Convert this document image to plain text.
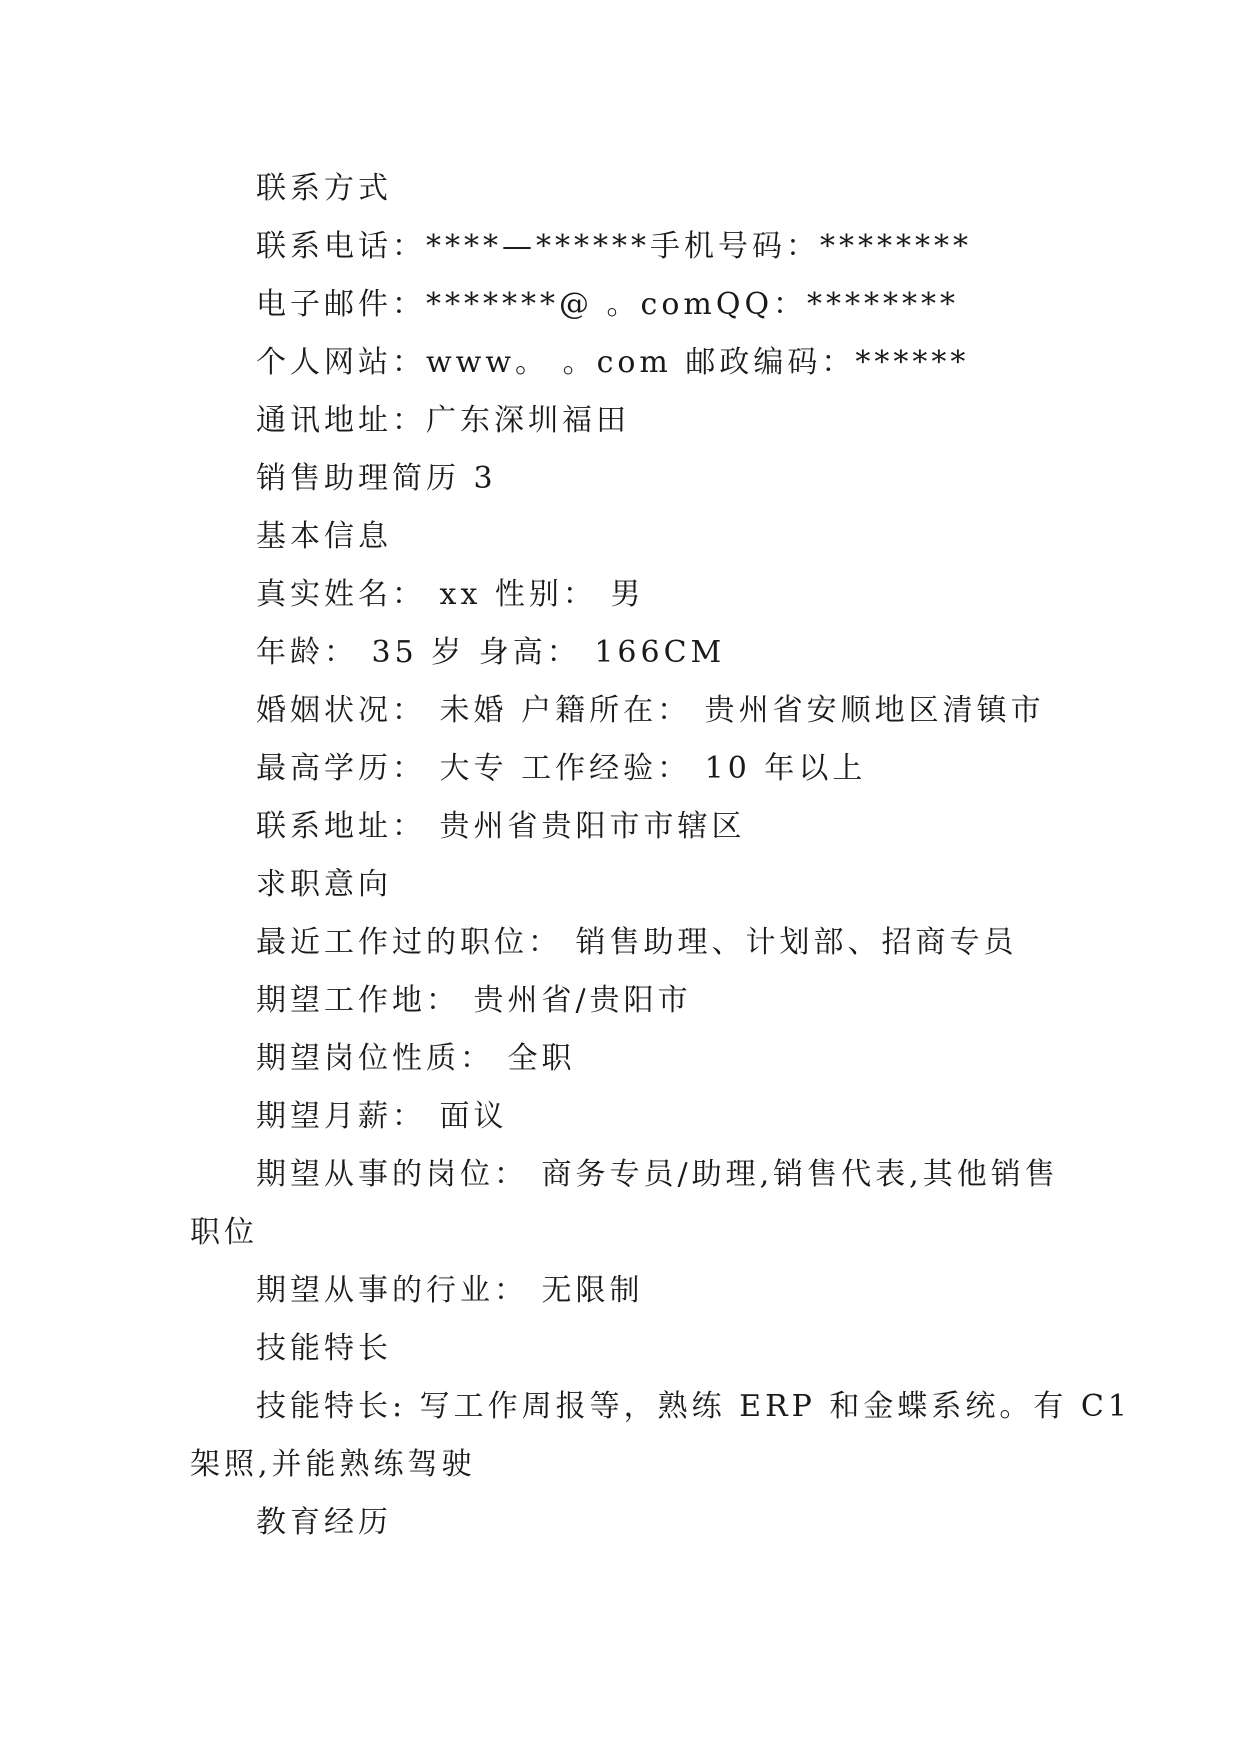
联系方式
联系电话：****—******手机号码：********
电子邮件：*******@ 。comQQ：********
个人网站：www。 。com 邮政编码：******
通讯地址：广东深圳福田
销售助理简历 3
基本信息
真实姓名： xx 性别： 男
年龄： 35 岁 身高： 166CM
婚姻状况： 未婚 户籍所在： 贵州省安顺地区清镇市
最高学历： 大专 工作经验： 10 年以上
联系地址： 贵州省贵阳市市辖区
求职意向
最近工作过的职位： 销售助理、计划部、招商专员
期望工作地： 贵州省/贵阳市
期望岗位性质： 全职
期望月薪： 面议
期望从事的岗位： 商务专员/助理,销售代表,其他销售
职位
期望从事的行业： 无限制
技能特长
技能特长: 写工作周报等，熟练 ERP 和金蝶系统。有 C1
架照,并能熟练驾驶
教育经历
